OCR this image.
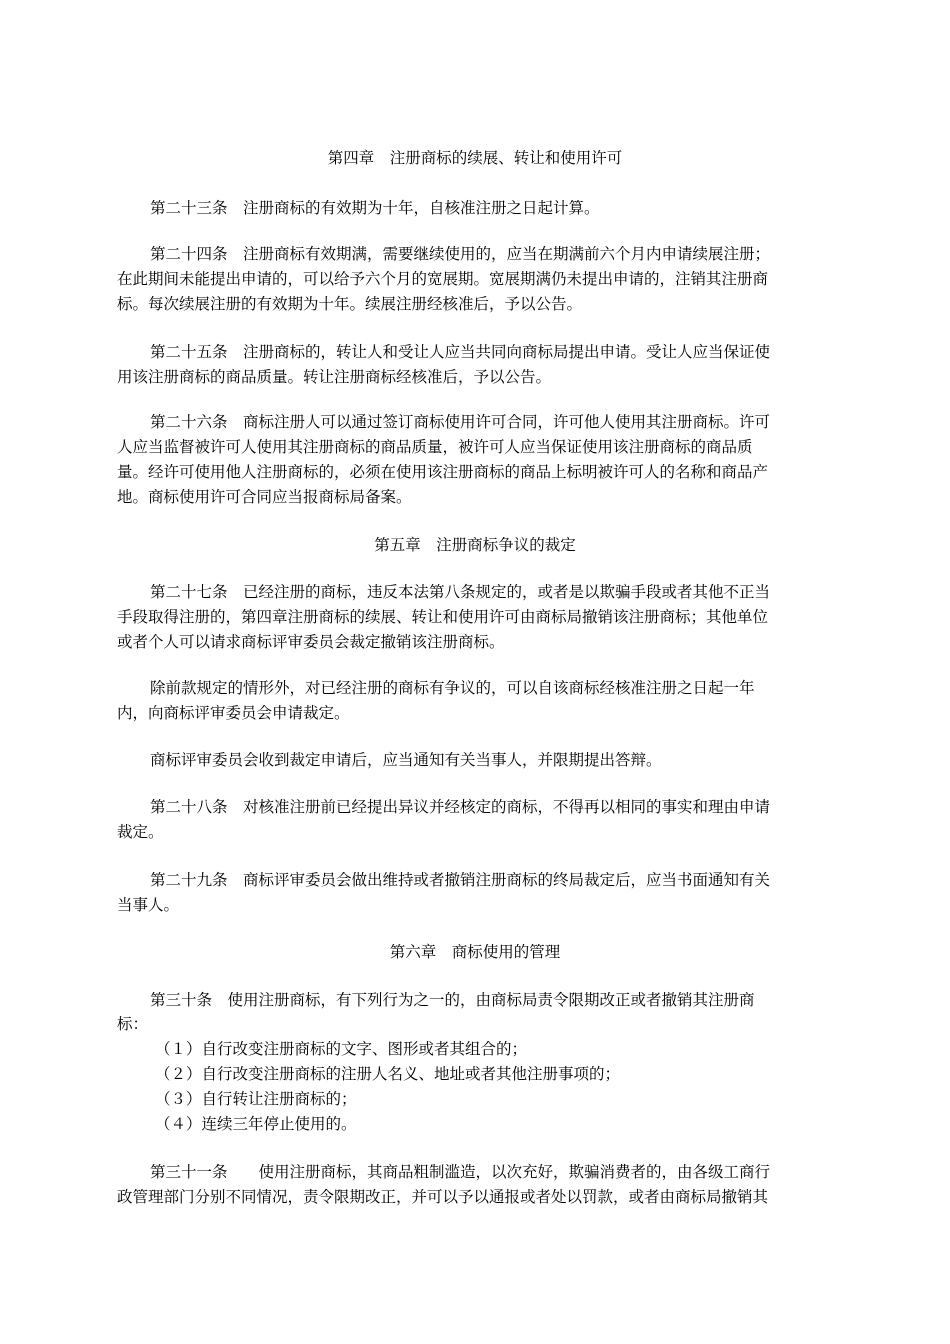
第四章　注册商标的续展、转让和使用许可
第二十三条　注册商标的有效期为十年，自核准注册之日起计算。
第二十四条　注册商标有效期满，需要继续使用的，应当在期满前六个月内申请续展注册；
在此期间未能提出申请的，可以给予六个月的宽展期。宽展期满仍未提出申请的，注销其注册商
标。每次续展注册的有效期为十年。续展注册经核准后，予以公告。
第二十五条　注册商标的，转让人和受让人应当共同向商标局提出申请。受让人应当保证使
用该注册商标的商品质量。转让注册商标经核准后，予以公告。
第二十六条　商标注册人可以通过签订商标使用许可合同，许可他人使用其注册商标。许可
人应当监督被许可人使用其注册商标的商品质量，被许可人应当保证使用该注册商标的商品质
量。经许可使用他人注册商标的，必须在使用该注册商标的商品上标明被许可人的名称和商品产
地。商标使用许可合同应当报商标局备案。
第五章　注册商标争议的裁定
第二十七条　已经注册的商标，违反本法第八条规定的，或者是以欺骗手段或者其他不正当
手段取得注册的，第四章注册商标的续展、转让和使用许可由商标局撤销该注册商标；其他单位
或者个人可以请求商标评审委员会裁定撤销该注册商标。
除前款规定的情形外，对已经注册的商标有争议的，可以自该商标经核准注册之日起一年
内，向商标评审委员会申请裁定。
商标评审委员会收到裁定申请后，应当通知有关当事人，并限期提出答辩。
第二十八条　对核准注册前已经提出异议并经核定的商标，不得再以相同的事实和理由申请
裁定。
第二十九条　商标评审委员会做出维持或者撤销注册商标的终局裁定后，应当书面通知有关
当事人。
第六章　商标使用的管理
第三十条　使用注册商标，有下列行为之一的，由商标局责令限期改正或者撤销其注册商
标：
（１）自行改变注册商标的文字、图形或者其组合的；
（２）自行改变注册商标的注册人名义、地址或者其他注册事项的；
（３）自行转让注册商标的；
（４）连续三年停止使用的。
第三十一条　　使用注册商标，其商品粗制滥造，以次充好，欺骗消费者的，由各级工商行
政管理部门分别不同情况，责令限期改正，并可以予以通报或者处以罚款，或者由商标局撤销其
